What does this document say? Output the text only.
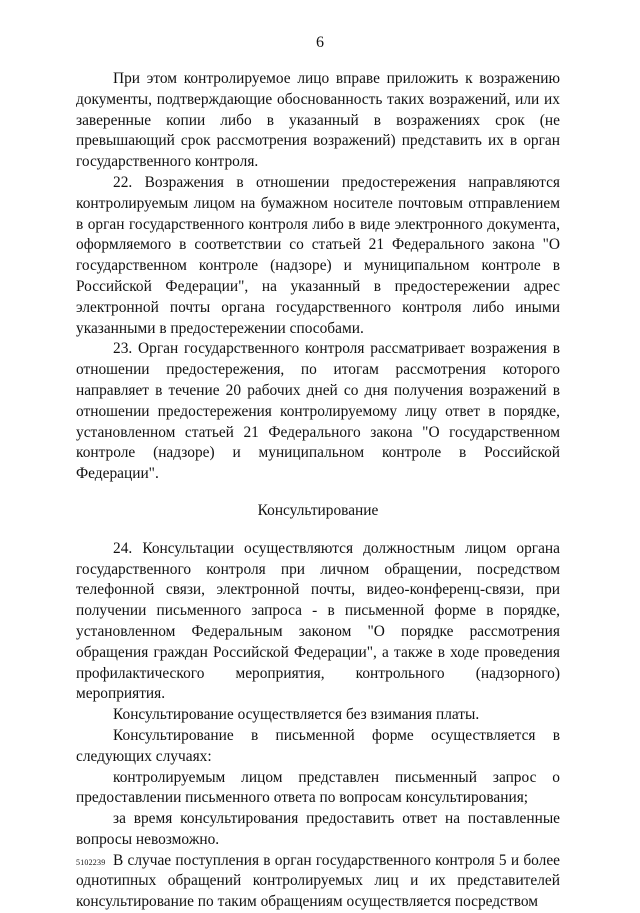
6

При этом контролируемое лицо вправе приложить к возражению документы, подтверждающие обоснованность таких возражений, или их заверенные копии либо в указанный в возражениях срок (не превышающий срок рассмотрения возражений) представить их в орган государственного контроля.

22. Возражения в отношении предостережения направляются контролируемым лицом на бумажном носителе почтовым отправлением в орган государственного контроля либо в виде электронного документа, оформляемого в соответствии со статьей 21 Федерального закона "О государственном контроле (надзоре) и муниципальном контроле в Российской Федерации", на указанный в предостережении адрес электронной почты органа государственного контроля либо иными указанными в предостережении способами.

23. Орган государственного контроля рассматривает возражения в отношении предостережения, по итогам рассмотрения которого направляет в течение 20 рабочих дней со дня получения возражений в отношении предостережения контролируемому лицу ответ в порядке, установленном статьей 21 Федерального закона "О государственном контроле (надзоре) и муниципальном контроле в Российской Федерации".

Консультирование

24. Консультации осуществляются должностным лицом органа государственного контроля при личном обращении, посредством телефонной связи, электронной почты, видео-конференц-связи, при получении письменного запроса - в письменной форме в порядке, установленном Федеральным законом "О порядке рассмотрения обращения граждан Российской Федерации", а также в ходе проведения профилактического мероприятия, контрольного (надзорного) мероприятия.

Консультирование осуществляется без взимания платы.

Консультирование в письменной форме осуществляется в следующих случаях:

контролируемым лицом представлен письменный запрос о предоставлении письменного ответа по вопросам консультирования;

за время консультирования предоставить ответ на поставленные вопросы невозможно.

В случае поступления в орган государственного контроля 5 и более однотипных обращений контролируемых лиц и их представителей консультирование по таким обращениям осуществляется посредством

5102239
